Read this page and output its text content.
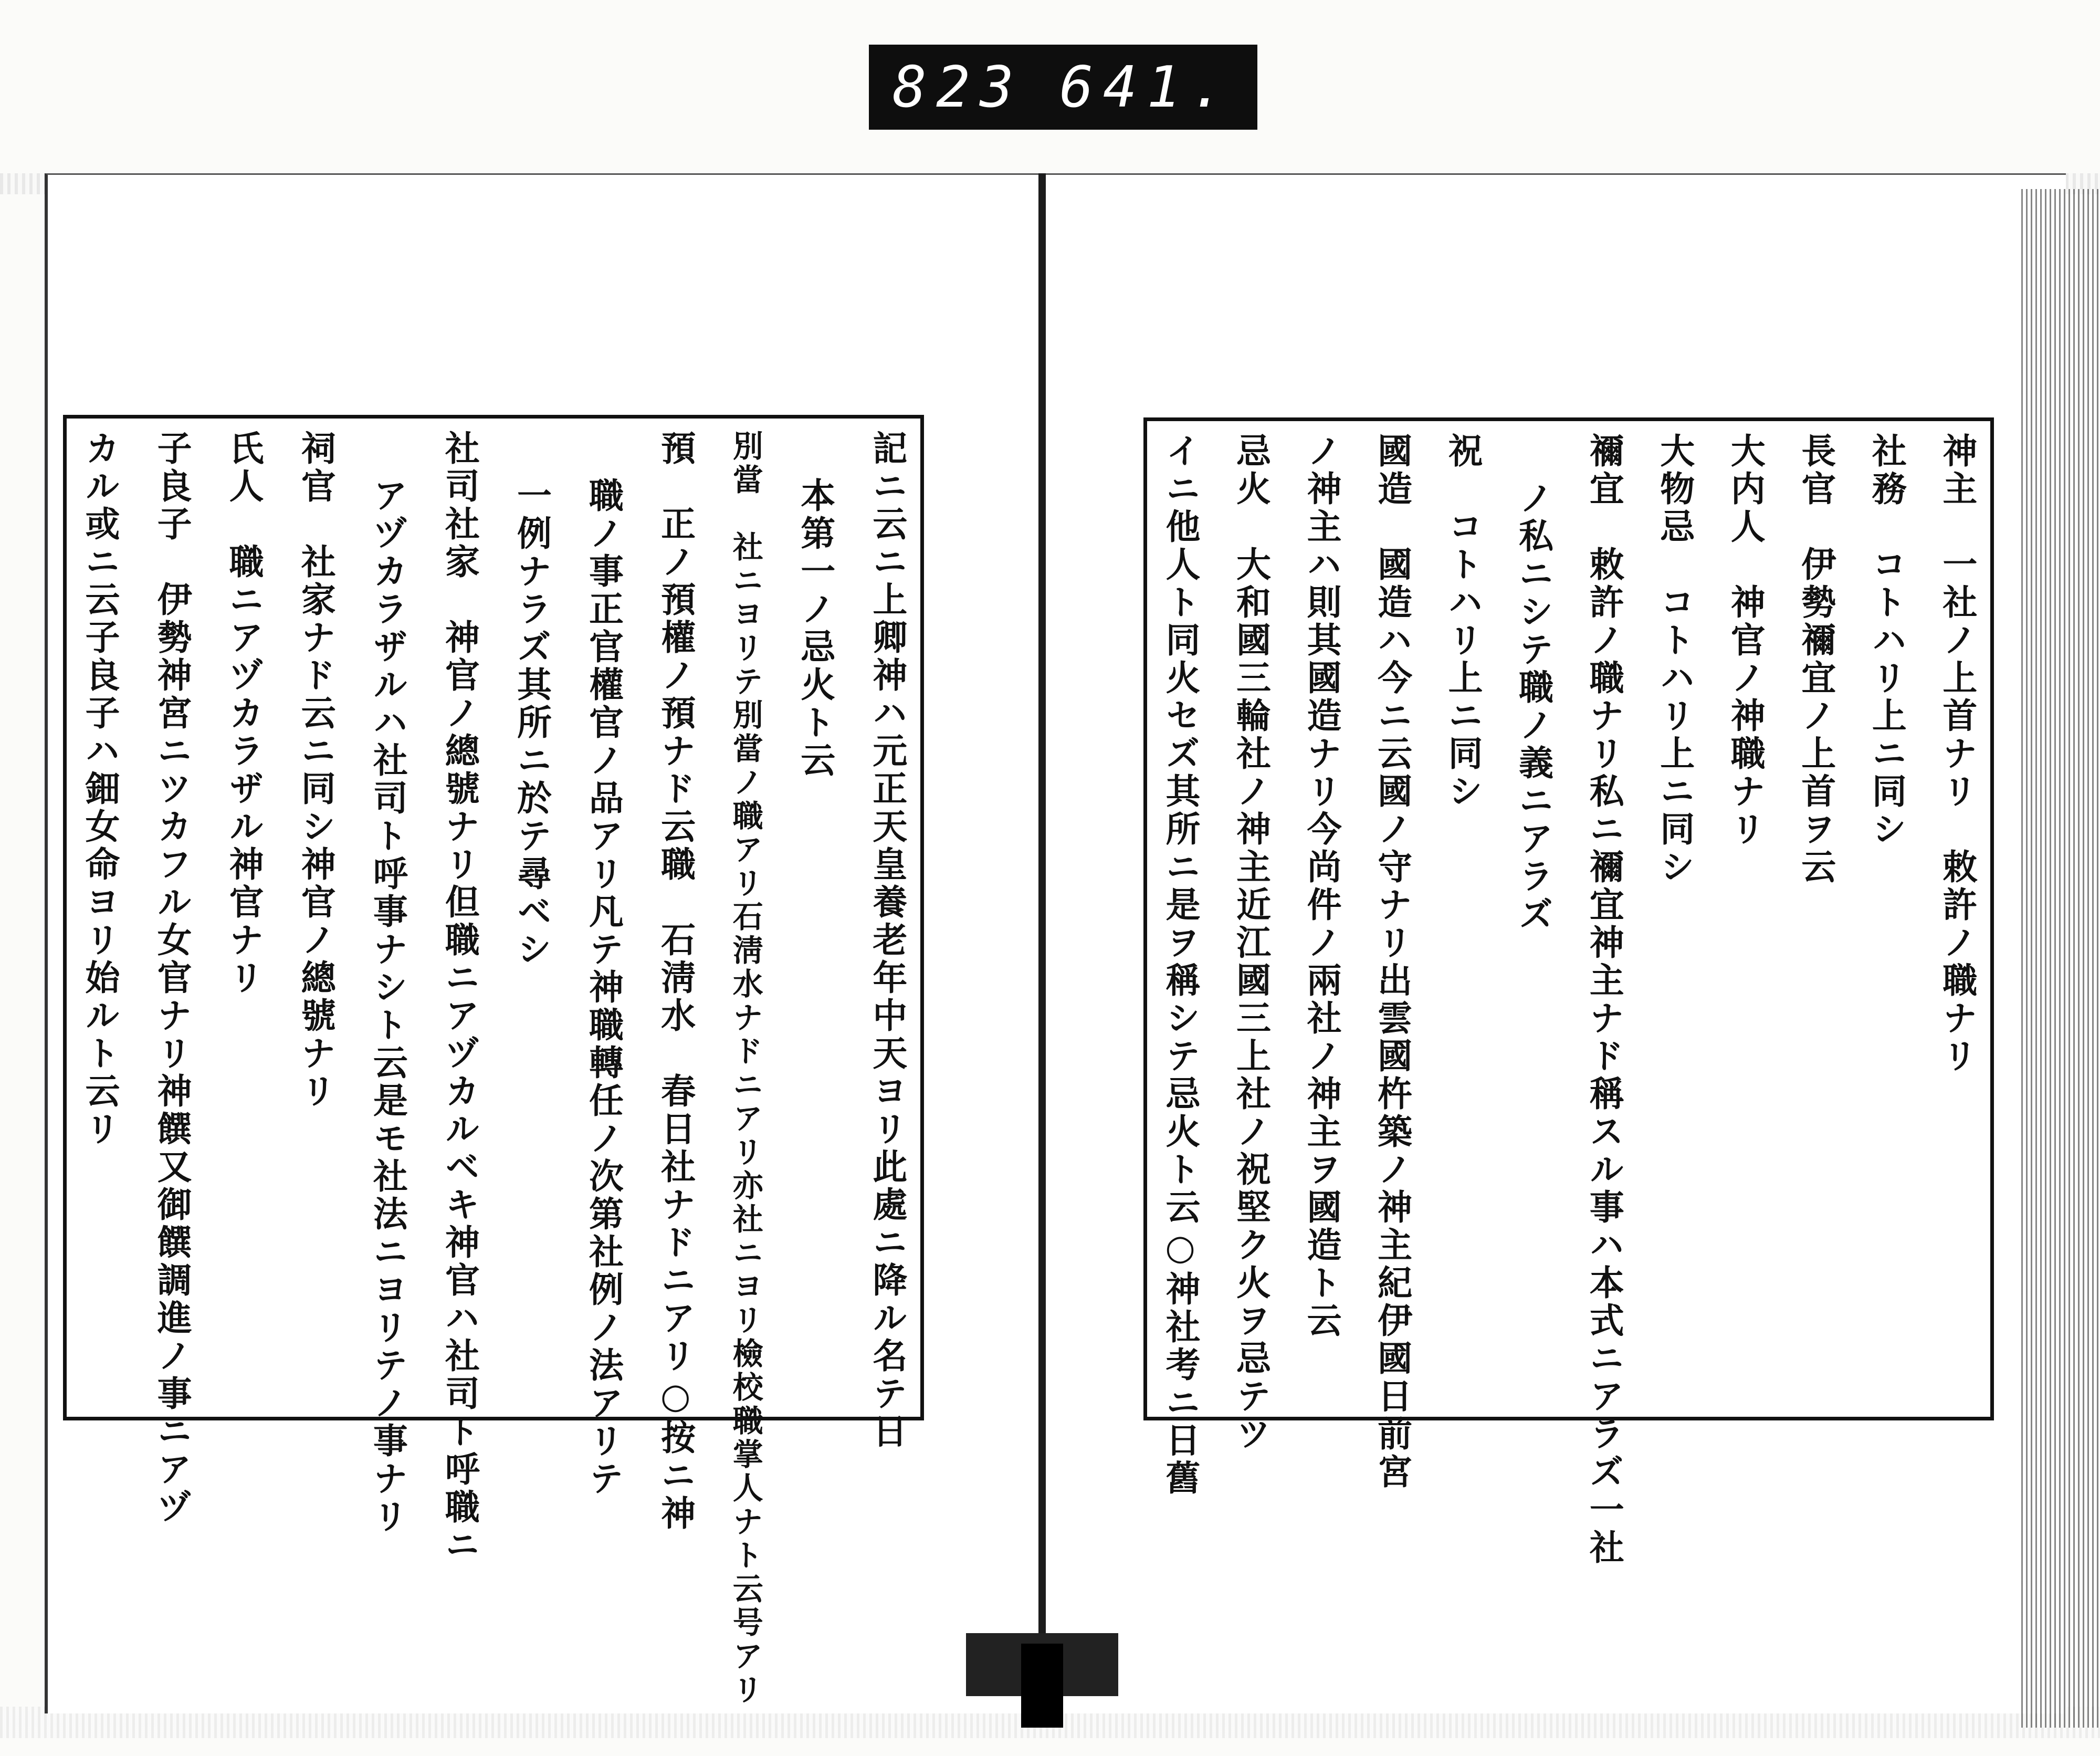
823 641.
記ニ云ニ上卿神ハ元正天皇養老年中天ヨリ此處ニ降ル名テ日
本第一ノ忌火ト云
別當　社ニヨリテ別當ノ職アリ石淸水ナドニアリ亦社ニヨリ檢校職掌人ナト云号アリ
預　正ノ預權ノ預ナド云職　石淸水　春日社ナドニアリ○按ニ神
職ノ事正官權官ノ品アリ凡テ神職轉任ノ次第社例ノ法アリテ
一例ナラズ其所ニ於テ尋ベシ
社司社家　神官ノ總號ナリ但職ニアヅカルベキ神官ハ社司ト呼職ニ
アヅカラザルハ社司ト呼事ナシト云是モ社法ニヨリテノ事ナリ
祠官　社家ナド云ニ同シ神官ノ總號ナリ
氏人　職ニアヅカラザル神官ナリ
子良子　伊勢神宮ニツカフル女官ナリ神饌又御饌調進ノ事ニアヅ
カル或ニ云子良子ハ鈿女命ヨリ始ルト云リ	神主　一社ノ上首ナリ　敕許ノ職ナリ
社務　コトハリ上ニ同シ
長官　伊勢禰宜ノ上首ヲ云
大内人　神官ノ神職ナリ
大物忌　コトハリ上ニ同シ
禰宜　敕許ノ職ナリ私ニ禰宜神主ナド稱スル事ハ本式ニアラズ一社
ノ私ニシテ職ノ義ニアラズ
祝　コトハリ上ニ同シ
國造　國造ハ今ニ云國ノ守ナリ出雲國杵築ノ神主紀伊國日前宮
ノ神主ハ則其國造ナリ今尚件ノ兩社ノ神主ヲ國造ト云
忌火　大和國三輪社ノ神主近江國三上社ノ祝堅ク火ヲ忌テツ
イニ他人ト同火セズ其所ニ是ヲ稱シテ忌火ト云○神社考ニ日舊
